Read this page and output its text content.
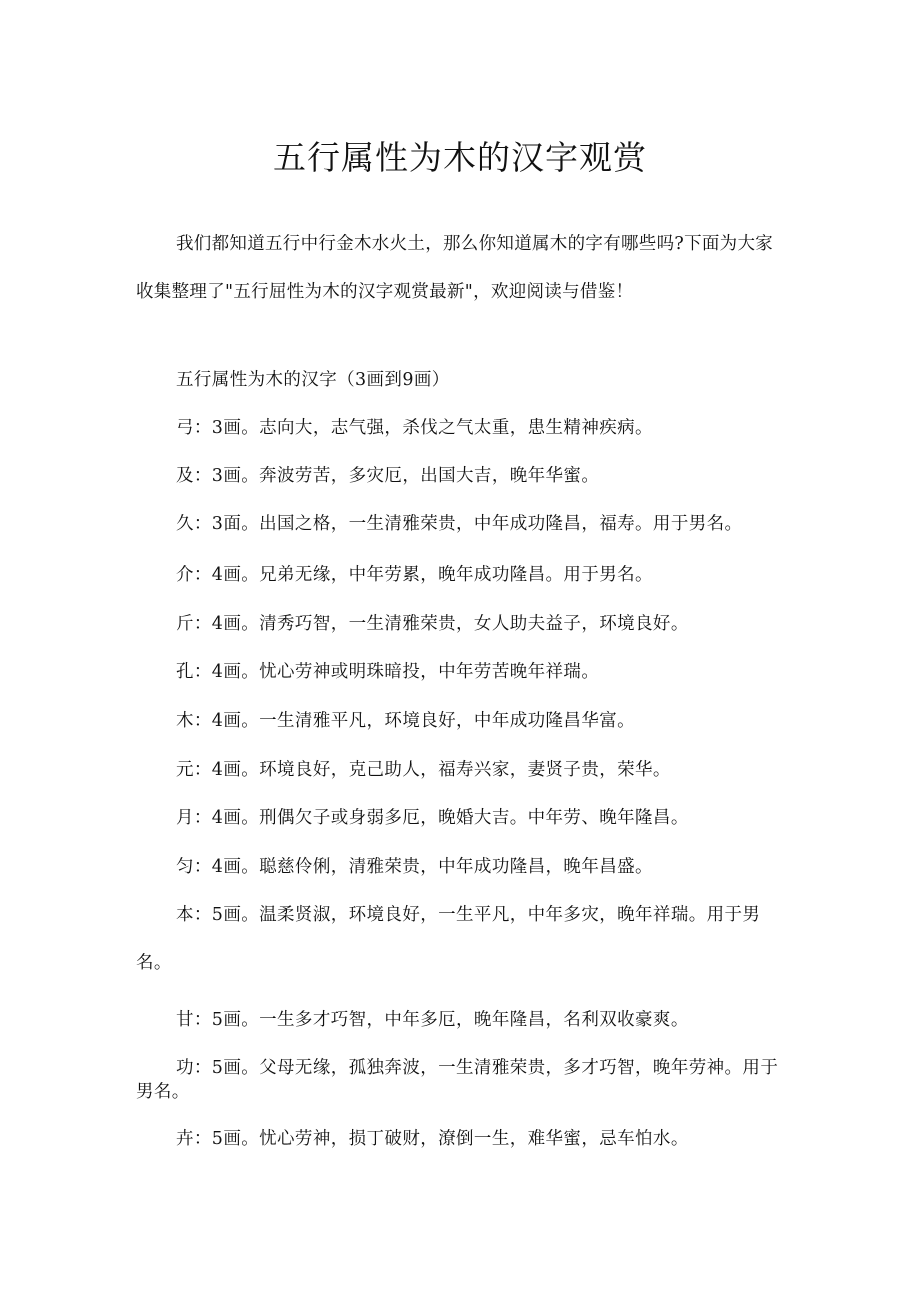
五行属性为木的汉字观赏

我们都知道五行中行金木水火土，那么你知道属木的字有哪些吗?下面为大家收集整理了"五行屈性为木的汉字观赏最新"，欢迎阅读与借鉴！

五行属性为木的汉字（3画到9画）

弓：3画。志向大，志气强，杀伐之气太重，患生精神疾病。

及：3画。奔波劳苦，多灾厄，出国大吉，晚年华蜜。

久：3面。出国之格，一生清雅荣贵，中年成功隆昌，福寿。用于男名。

介：4画。兄弟无缘，中年劳累，晚年成功隆昌。用于男名。

斤：4画。清秀巧智，一生清雅荣贵，女人助夫益子，环境良好。

孔：4画。忧心劳神或明珠暗投，中年劳苦晚年祥瑞。

木：4画。一生清雅平凡，环境良好，中年成功隆昌华富。

元：4画。环境良好，克己助人，福寿兴家，妻贤子贵，荣华。

月：4画。刑偶欠子或身弱多厄，晚婚大吉。中年劳、晚年隆昌。

匀：4画。聪慈伶俐，清雅荣贵，中年成功隆昌，晚年昌盛。

本：5画。温柔贤淑，环境良好，一生平凡，中年多灾，晚年祥瑞。用于男名。

甘：5画。一生多才巧智，中年多厄，晚年隆昌，名利双收豪爽。

功：5画。父母无缘，孤独奔波，一生清雅荣贵，多才巧智，晚年劳神。用于男名。

卉：5画。忧心劳神，损丁破财，潦倒一生，难华蜜，忌车怕水。
